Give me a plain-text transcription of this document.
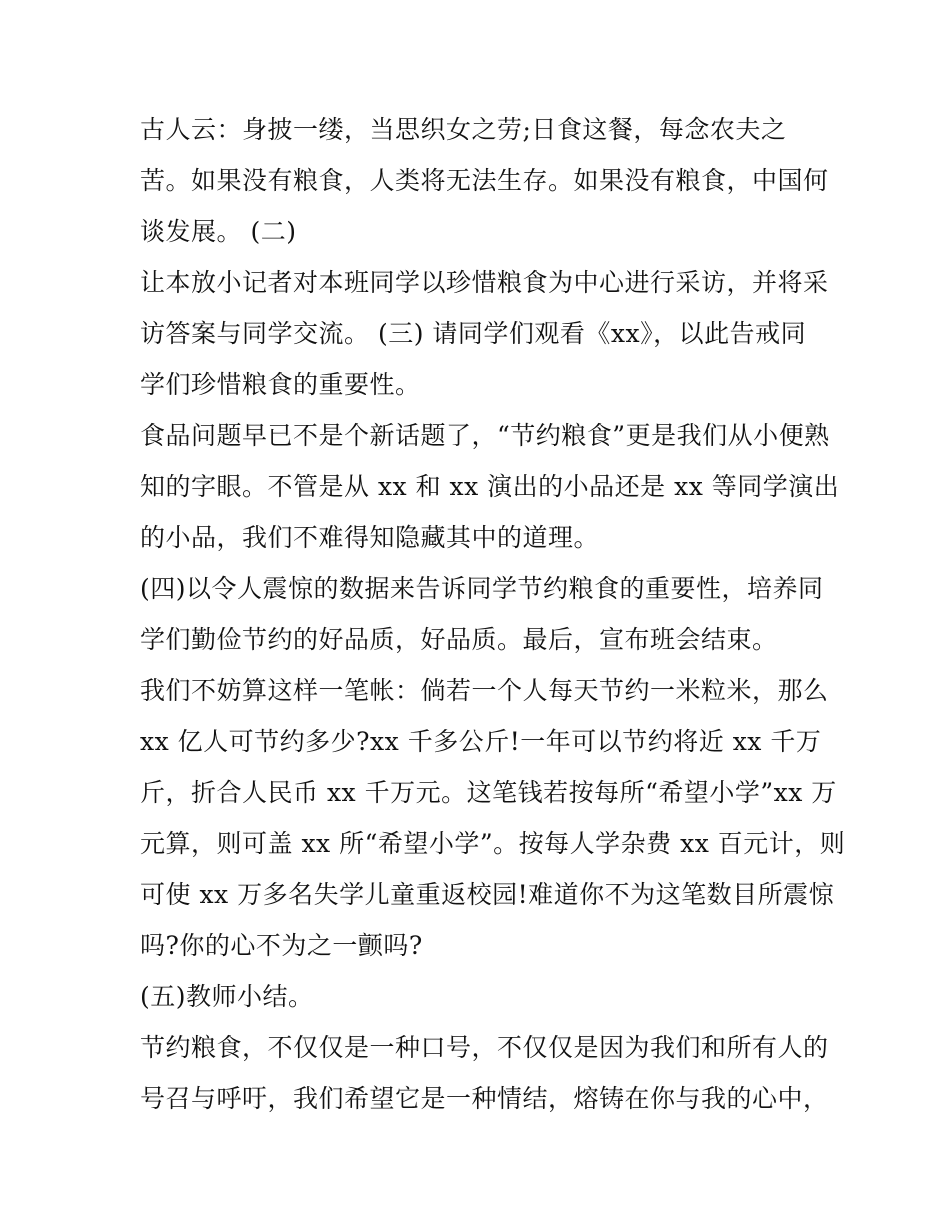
古人云：身披一缕，当思织女之劳;日食这餐，每念农夫之
苦。如果没有粮食，人类将无法生存。如果没有粮食，中国何
谈发展。 (二)

让本放小记者对本班同学以珍惜粮食为中心进行采访，并将采
访答案与同学交流。 (三) 请同学们观看《xx》，以此告戒同
学们珍惜粮食的重要性。

食品问题早已不是个新话题了，“节约粮食”更是我们从小便熟
知的字眼。不管是从 xx 和 xx 演出的小品还是 xx 等同学演出
的小品，我们不难得知隐藏其中的道理。

(四)以令人震惊的数据来告诉同学节约粮食的重要性，培养同
学们勤俭节约的好品质，好品质。最后，宣布班会结束。

我们不妨算这样一笔帐：倘若一个人每天节约一米粒米，那么
xx 亿人可节约多少?xx 千多公斤!一年可以节约将近 xx 千万
斤，折合人民币 xx 千万元。这笔钱若按每所“希望小学”xx 万
元算，则可盖 xx 所“希望小学”。按每人学杂费 xx 百元计，则
可使 xx 万多名失学儿童重返校园!难道你不为这笔数目所震惊
吗?你的心不为之一颤吗?

(五)教师小结。

节约粮食，不仅仅是一种口号，不仅仅是因为我们和所有人的
号召与呼吁，我们希望它是一种情结，熔铸在你与我的心中，
